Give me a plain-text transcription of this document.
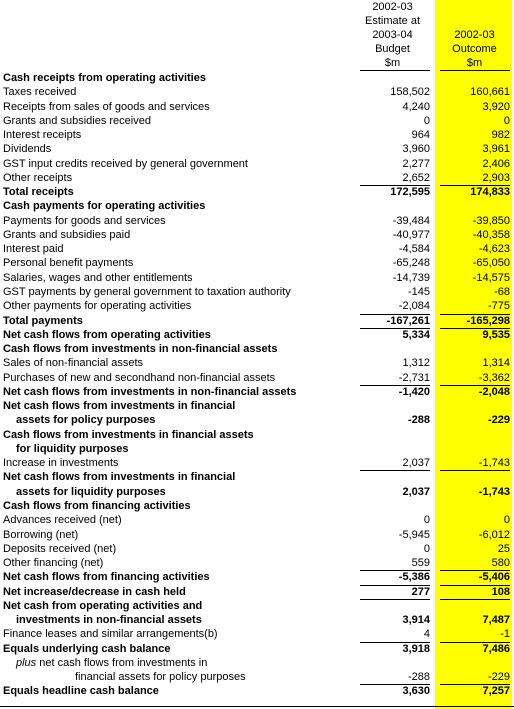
2002-03
Estimate at
2003-04
Budget
$m
2002-03
Outcome
$m
Cash receipts from operating activities
Taxes received	158,502	160,661
Receipts from sales of goods and services	4,240	3,920
Grants and subsidies received	0	0
Interest receipts	964	982
Dividends	3,960	3,961
GST input credits received by general government	2,277	2,406
Other receipts	2,652	2,903
Total receipts	172,595	174,833
Cash payments for operating activities
Payments for goods and services	-39,484	-39,850
Grants and subsidies paid	-40,977	-40,358
Interest paid	-4,584	-4,623
Personal benefit payments	-65,248	-65,050
Salaries, wages and other entitlements	-14,739	-14,575
GST payments by general government to taxation authority	-145	-68
Other payments for operating activities	-2,084	-775
Total payments	-167,261	-165,298
Net cash flows from operating activities	5,334	9,535
Cash flows from investments in non-financial assets
Sales of non-financial assets	1,312	1,314
Purchases of new and secondhand non-financial assets	-2,731	-3,362
Net cash flows from investments in non-financial assets	-1,420	-2,048
Net cash flows from investments in financial
assets for policy purposes	-288	-229
Cash flows from investments in financial assets
for liquidity purposes
Increase in investments	2,037	-1,743
Net cash flows from investments in financial
assets for liquidity purposes	2,037	-1,743
Cash flows from financing activities
Advances received (net)	0	0
Borrowing (net)	-5,945	-6,012
Deposits received (net)	0	25
Other financing (net)	559	580
Net cash flows from financing activities	-5,386	-5,406
Net increase/decrease in cash held	277	108
Net cash from operating activities and
investments in non-financial assets	3,914	7,487
Finance leases and similar arrangements(b)	4	-1
Equals underlying cash balance	3,918	7,486
plus net cash flows from investments in
financial assets for policy purposes	-288	-229
Equals headline cash balance	3,630	7,257
